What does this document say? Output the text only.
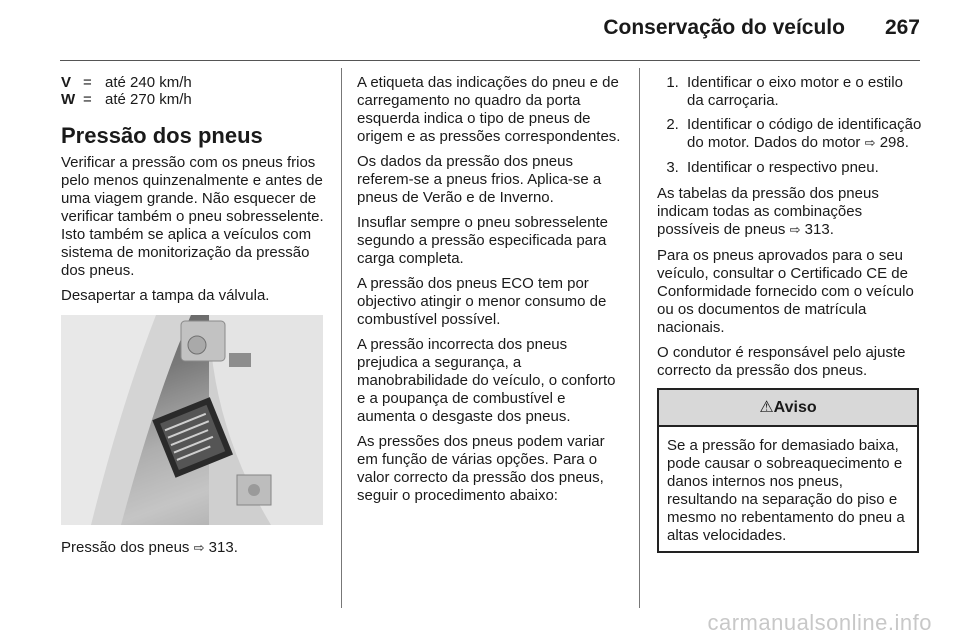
Conservação do veículo 267
V = até 240 km/h
W = até 270 km/h
Pressão dos pneus

Verificar a pressão com os pneus frios pelo menos quinzenalmente e antes de uma viagem grande. Não esquecer de verificar também o pneu sobresselente. Isto também se aplica a veículos com sistema de monitorização da pressão dos pneus.

Desapertar a tampa da válvula.

Pressão dos pneus ⇨ 313.

A etiqueta das indicações do pneu e de carregamento no quadro da porta esquerda indica o tipo de pneus de origem e as pressões correspondentes.

Os dados da pressão dos pneus referem-se a pneus frios. Aplica-se a pneus de Verão e de Inverno.

Insuflar sempre o pneu sobresselente segundo a pressão especificada para carga completa.

A pressão dos pneus ECO tem por objectivo atingir o menor consumo de combustível possível.

A pressão incorrecta dos pneus prejudica a segurança, a manobrabilidade do veículo, o conforto e a poupança de combustível e aumenta o desgaste dos pneus.

As pressões dos pneus podem variar em função de várias opções. Para o valor correcto da pressão dos pneus, seguir o procedimento abaixo:

1. Identificar o eixo motor e o estilo da carroçaria.
2. Identificar o código de identificação do motor. Dados do motor ⇨ 298.
3. Identificar o respectivo pneu.

As tabelas da pressão dos pneus indicam todas as combinações possíveis de pneus ⇨ 313.

Para os pneus aprovados para o seu veículo, consultar o Certificado CE de Conformidade fornecido com o veículo ou os documentos de matrícula nacionais.

O condutor é responsável pelo ajuste correcto da pressão dos pneus.

⚠Aviso
Se a pressão for demasiado baixa, pode causar o sobreaquecimento e danos internos nos pneus, resultando na separação do piso e mesmo no rebentamento do pneu a altas velocidades.
carmanualsonline.info
